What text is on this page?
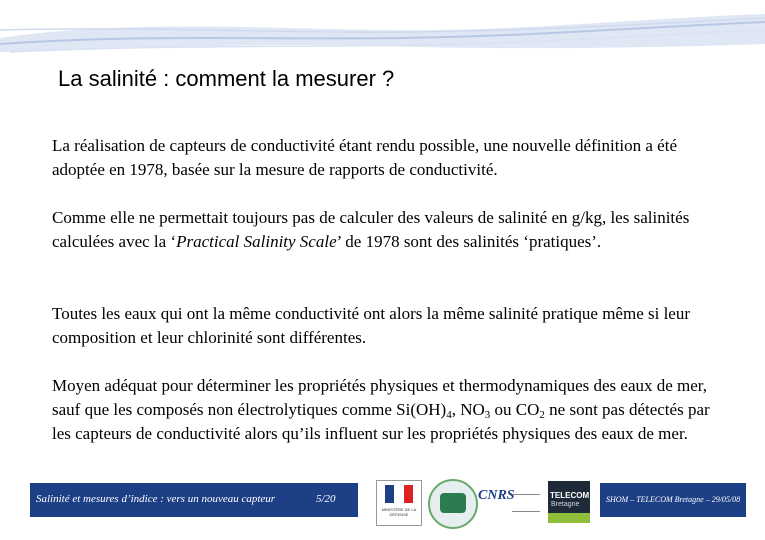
La salinité : comment la mesurer ?
La réalisation de capteurs de conductivité étant rendu possible, une nouvelle définition a été adoptée en 1978, basée sur la mesure de rapports de conductivité.
Comme elle ne permettait toujours pas de calculer des valeurs de salinité en g/kg, les salinités calculées avec la ‘Practical Salinity Scale’ de 1978 sont des salinités ‘pratiques’.
Toutes les eaux qui ont la même conductivité ont alors la même salinité pratique même si leur composition et leur chlorinité sont différentes.
Moyen adéquat pour déterminer les propriétés physiques et thermodynamiques des eaux de mer, sauf que les composés non électrolytiques comme $Si(OH)_4$, $NO_3$ ou $CO_2$ ne sont pas détectés par les capteurs de conductivité alors qu’ils influent sur les propriétés physiques des eaux de mer.
Salinité et mesures d’indice : vers un nouveau capteur	5/20
MINISTÈRE DE LA DÉFENSE
CNRS	TELECOM
Bretagne
SHOM – TELECOM Bretagne – 29/05/08
